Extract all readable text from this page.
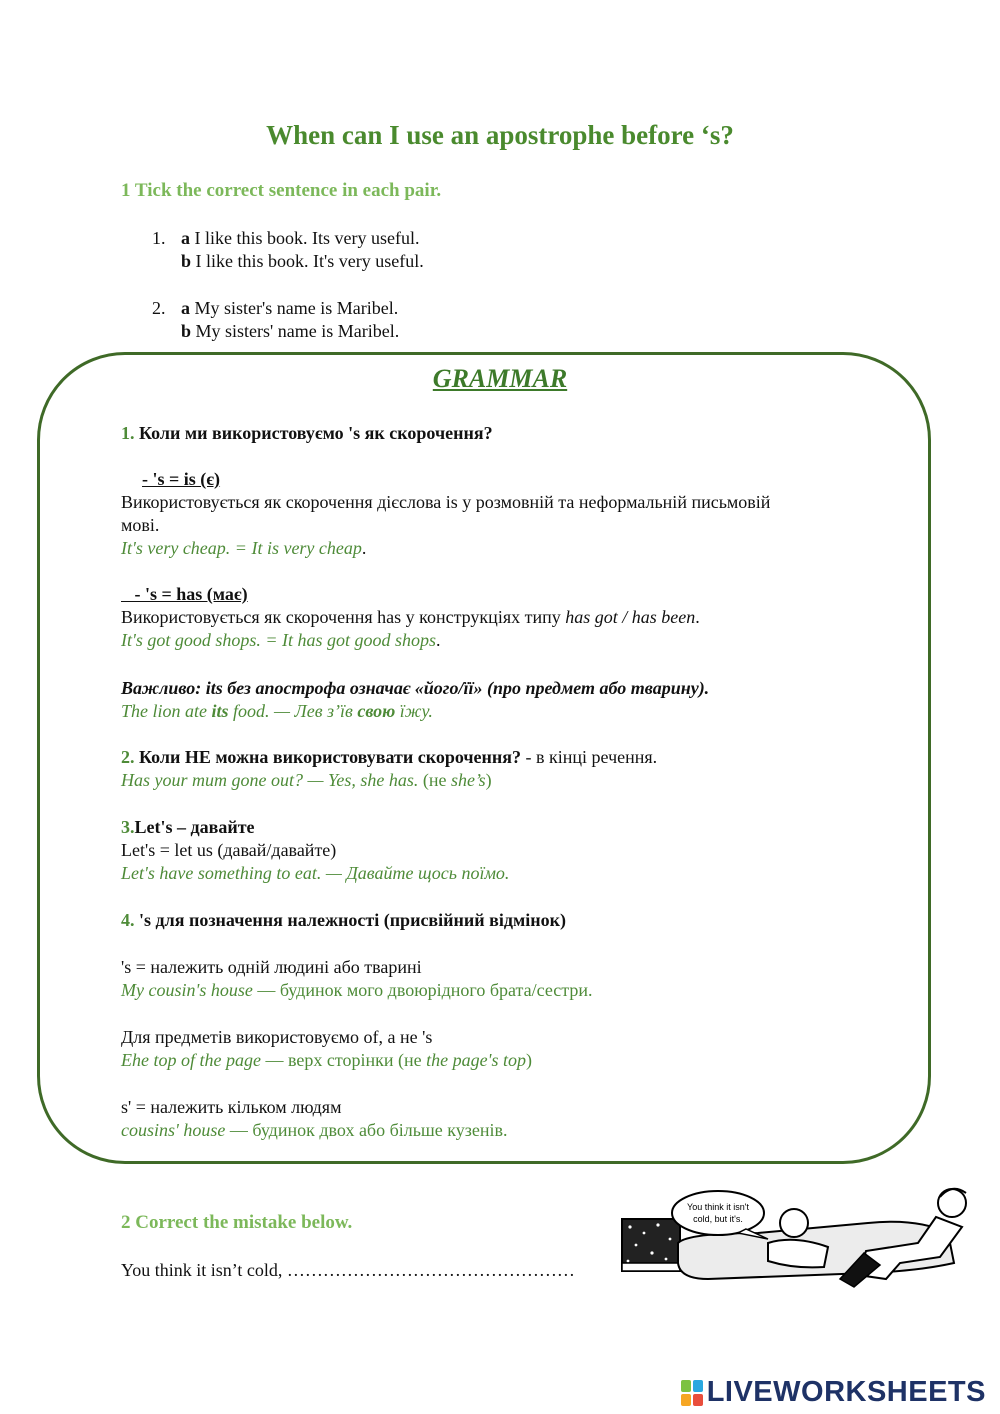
When can I use an apostrophe before ‘s?
1 Tick the correct sentence in each pair.
1. a I like this book. Its very useful.
b I like this book. It's very useful.
2. a My sister's name is Maribel.
b My sisters' name is Maribel.
GRAMMAR
1. Коли ми використовуємо 's як скорочення?
- 's = is (є)
Використовується як скорочення дієслова is у розмовній та неформальній письмовій
мові.
It's very cheap. = It is very cheap.
- 's = has (має)
Використовується як скорочення has у конструкціях типу has got / has been.
It's got good shops. = It has got good shops.
Важливо: its без апострофа означає «його/її» (про предмет або тварину).
The lion ate its food. — Лев з’їв свою їжу.
2. Коли НЕ можна використовувати скорочення? - в кінці речення.
Has your mum gone out? — Yes, she has. (не she’s)
3.Let's – давайте
Let's = let us (давай/давайте)
Let's have something to eat. — Давайте щось поїмо.
4. 's для позначення належності (присвійний відмінок)
's = належить одній людині або тварині
My cousin's house — будинок мого двоюрідного брата/сестри.
Для предметів використовуємо of, а не 's
Ehe top of the page — верх сторінки (не the page's top)
s' = належить кільком людям
cousins' house — будинок двох або більше кузенів.
2 Correct the mistake below.
You think it isn’t cold, …………………………………………
You think it isn't
cold, but it's.
LIVEWORKSHEETS
